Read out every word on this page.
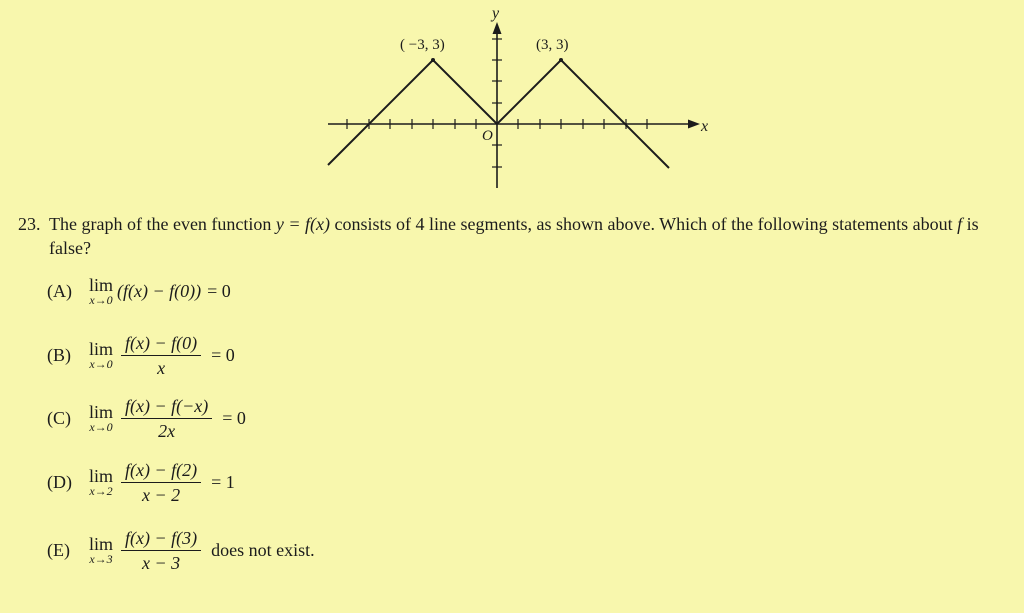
( −3, 3)	(3, 3)
y
x
O
23. The graph of the even function y = f(x) consists of 4 line segments, as shown above. Which of the following statements about f is false?
(A) lim
x→0 (f(x) − f(0)) = 0
(B)	lim
$x\to 0 \frac{f(x) - f(0)}{x} = 0$
(C)	lim
$x\to 0 \frac{f(x) - f(-x)}{2x} = 0$
(D) lim
$x\to 2 \frac{f(x) - f(2)}{x - 2} = 1$
(E)	lim
$x\to 3 \frac{f(x) - f(3)}{x - 3}$ does not exist.
